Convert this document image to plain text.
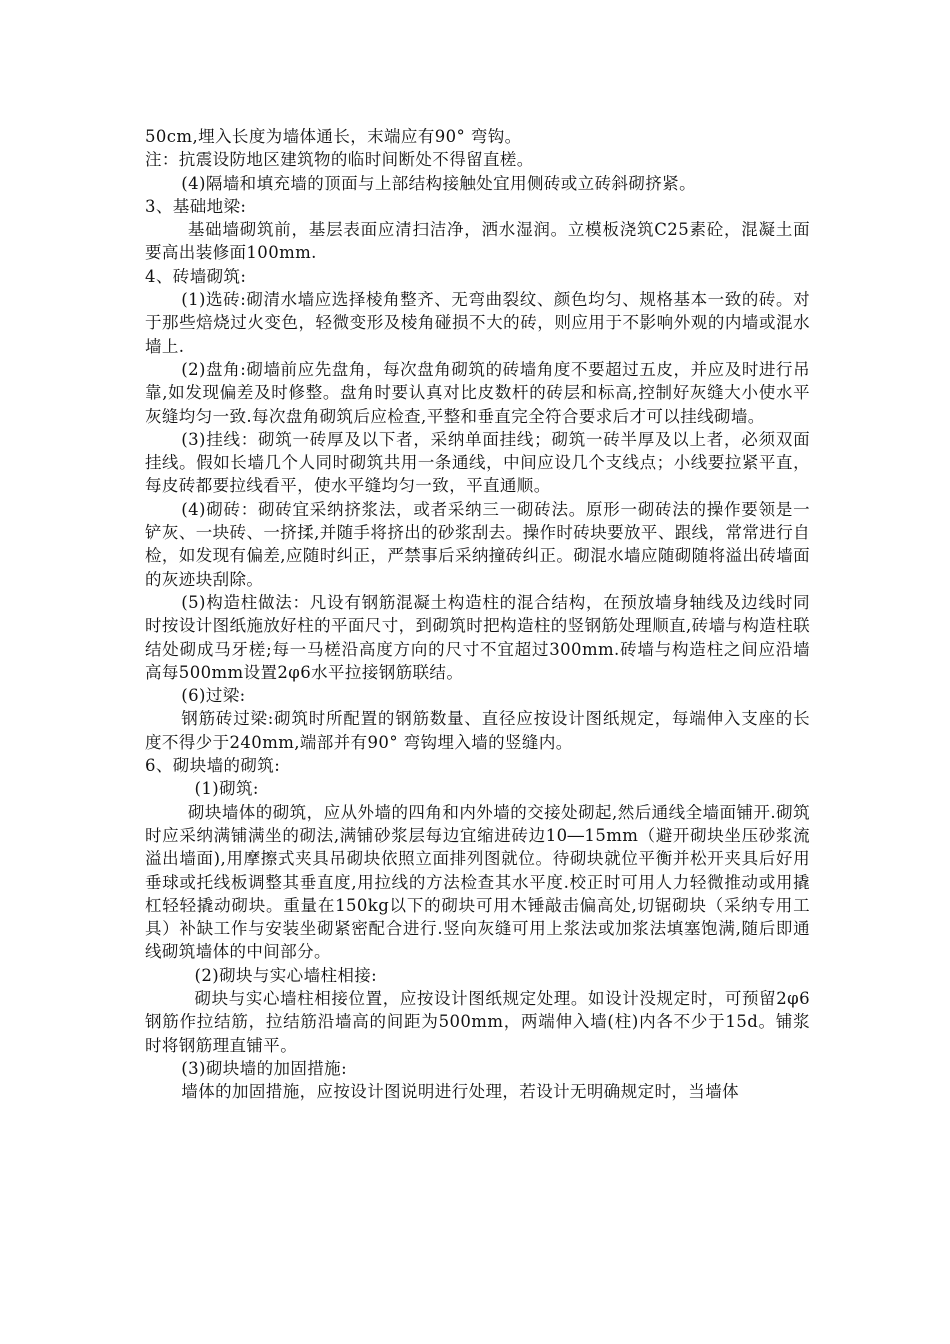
50cm,埋入长度为墙体通长，末端应有90° 弯钩。

注：抗震设防地区建筑物的临时间断处不得留直槎。

(4)隔墙和填充墙的顶面与上部结构接触处宜用侧砖或立砖斜砌挤紧。

3、基础地梁:

基础墙砌筑前，基层表面应清扫洁净，洒水湿润。立模板浇筑C25素砼，混凝土面要高出装修面100mm.

4、砖墙砌筑:

(1)选砖:砌清水墙应选择棱角整齐、无弯曲裂纹、颜色均匀、规格基本一致的砖。对于那些焙烧过火变色，轻微变形及棱角碰损不大的砖，则应用于不影响外观的内墙或混水墙上.

(2)盘角:砌墙前应先盘角，每次盘角砌筑的砖墙角度不要超过五皮，并应及时进行吊靠,如发现偏差及时修整。盘角时要认真对比皮数杆的砖层和标高,控制好灰缝大小使水平灰缝均匀一致.每次盘角砌筑后应检查,平整和垂直完全符合要求后才可以挂线砌墙。

(3)挂线：砌筑一砖厚及以下者，采纳单面挂线；砌筑一砖半厚及以上者，必须双面挂线。假如长墙几个人同时砌筑共用一条通线，中间应设几个支线点；小线要拉紧平直，每皮砖都要拉线看平，使水平缝均匀一致，平直通顺。

(4)砌砖：砌砖宜采纳挤浆法，或者采纳三一砌砖法。原形一砌砖法的操作要领是一铲灰、一块砖、一挤揉,并随手将挤出的砂浆刮去。操作时砖块要放平、跟线，常常进行自检，如发现有偏差,应随时纠正，严禁事后采纳撞砖纠正。砌混水墙应随砌随将溢出砖墙面的灰迹块刮除。

(5)构造柱做法：凡设有钢筋混凝土构造柱的混合结构，在预放墙身轴线及边线时同时按设计图纸施放好柱的平面尺寸，到砌筑时把构造柱的竖钢筋处理顺直,砖墙与构造柱联结处砌成马牙槎;每一马槎沿高度方向的尺寸不宜超过300mm.砖墙与构造柱之间应沿墙高每500mm设置2φ6水平拉接钢筋联结。

(6)过梁:

钢筋砖过梁:砌筑时所配置的钢筋数量、直径应按设计图纸规定，每端伸入支座的长度不得少于240mm,端部并有90° 弯钩埋入墙的竖缝内。

6、砌块墙的砌筑:

(1)砌筑:

砌块墙体的砌筑，应从外墙的四角和内外墙的交接处砌起,然后通线全墙面铺开.砌筑时应采纳满铺满坐的砌法,满铺砂浆层每边宜缩进砖边10―15mm（避开砌块坐压砂浆流溢出墙面),用摩擦式夹具吊砌块依照立面排列图就位。待砌块就位平衡并松开夹具后好用垂球或托线板调整其垂直度,用拉线的方法检查其水平度.校正时可用人力轻微推动或用撬杠轻轻撬动砌块。重量在150kg以下的砌块可用木锤敲击偏高处,切锯砌块（采纳专用工具）补缺工作与安装坐砌紧密配合进行.竖向灰缝可用上浆法或加浆法填塞饱满,随后即通线砌筑墙体的中间部分。

(2)砌块与实心墙柱相接:

砌块与实心墙柱相接位置，应按设计图纸规定处理。如设计没规定时，可预留2φ6钢筋作拉结筋，拉结筋沿墙高的间距为500mm，两端伸入墙(柱)内各不少于15d。铺浆时将钢筋理直铺平。

(3)砌块墙的加固措施:

墙体的加固措施，应按设计图说明进行处理，若设计无明确规定时，当墙体
